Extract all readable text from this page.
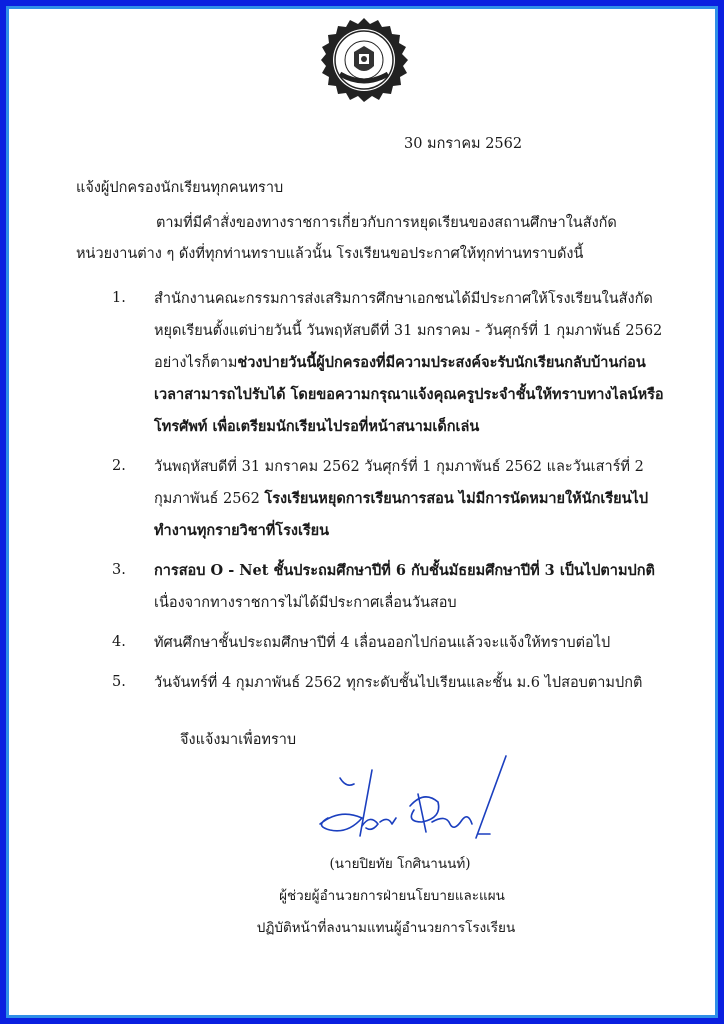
30 มกราคม 2562
แจ้งผู้ปกครองนักเรียนทุกคนทราบ
ตามที่มีคำสั่งของทางราชการเกี่ยวกับการหยุดเรียนของสถานศึกษาในสังกัด
หน่วยงานต่าง ๆ ดังที่ทุกท่านทราบแล้วนั้น โรงเรียนขอประกาศให้ทุกท่านทราบดังนี้
1.	สำนักงานคณะกรรมการส่งเสริมการศึกษาเอกชนได้มีประกาศให้โรงเรียนในสังกัด
หยุดเรียนตั้งแต่บ่ายวันนี้ วันพฤหัสบดีที่ 31 มกราคม - วันศุกร์ที่ 1 กุมภาพันธ์ 2562
อย่างไรก็ตามช่วงบ่ายวันนี้ผู้ปกครองที่มีความประสงค์จะรับนักเรียนกลับบ้านก่อน
เวลาสามารถไปรับได้ โดยขอความกรุณาแจ้งคุณครูประจำชั้นให้ทราบทางไลน์หรือ
โทรศัพท์ เพื่อเตรียมนักเรียนไปรอที่หน้าสนามเด็กเล่น
2.	วันพฤหัสบดีที่ 31 มกราคม 2562 วันศุกร์ที่ 1 กุมภาพันธ์ 2562 และวันเสาร์ที่ 2
กุมภาพันธ์ 2562 โรงเรียนหยุดการเรียนการสอน ไม่มีการนัดหมายให้นักเรียนไป
ทำงานทุกรายวิชาที่โรงเรียน
3.	การสอบ O - Net ชั้นประถมศึกษาปีที่ 6 กับชั้นมัธยมศึกษาปีที่ 3 เป็นไปตามปกติ
เนื่องจากทางราชการไม่ได้มีประกาศเลื่อนวันสอบ
4.	ทัศนศึกษาชั้นประถมศึกษาปีที่ 4 เลื่อนออกไปก่อนแล้วจะแจ้งให้ทราบต่อไป
5.	วันจันทร์ที่ 4 กุมภาพันธ์ 2562 ทุกระดับชั้นไปเรียนและชั้น ม.6 ไปสอบตามปกติ
จึงแจ้งมาเพื่อทราบ
(นายปิยทัย โกศินานนท์)
ผู้ช่วยผู้อำนวยการฝ่ายนโยบายและแผน
ปฏิบัติหน้าที่ลงนามแทนผู้อำนวยการโรงเรียน
